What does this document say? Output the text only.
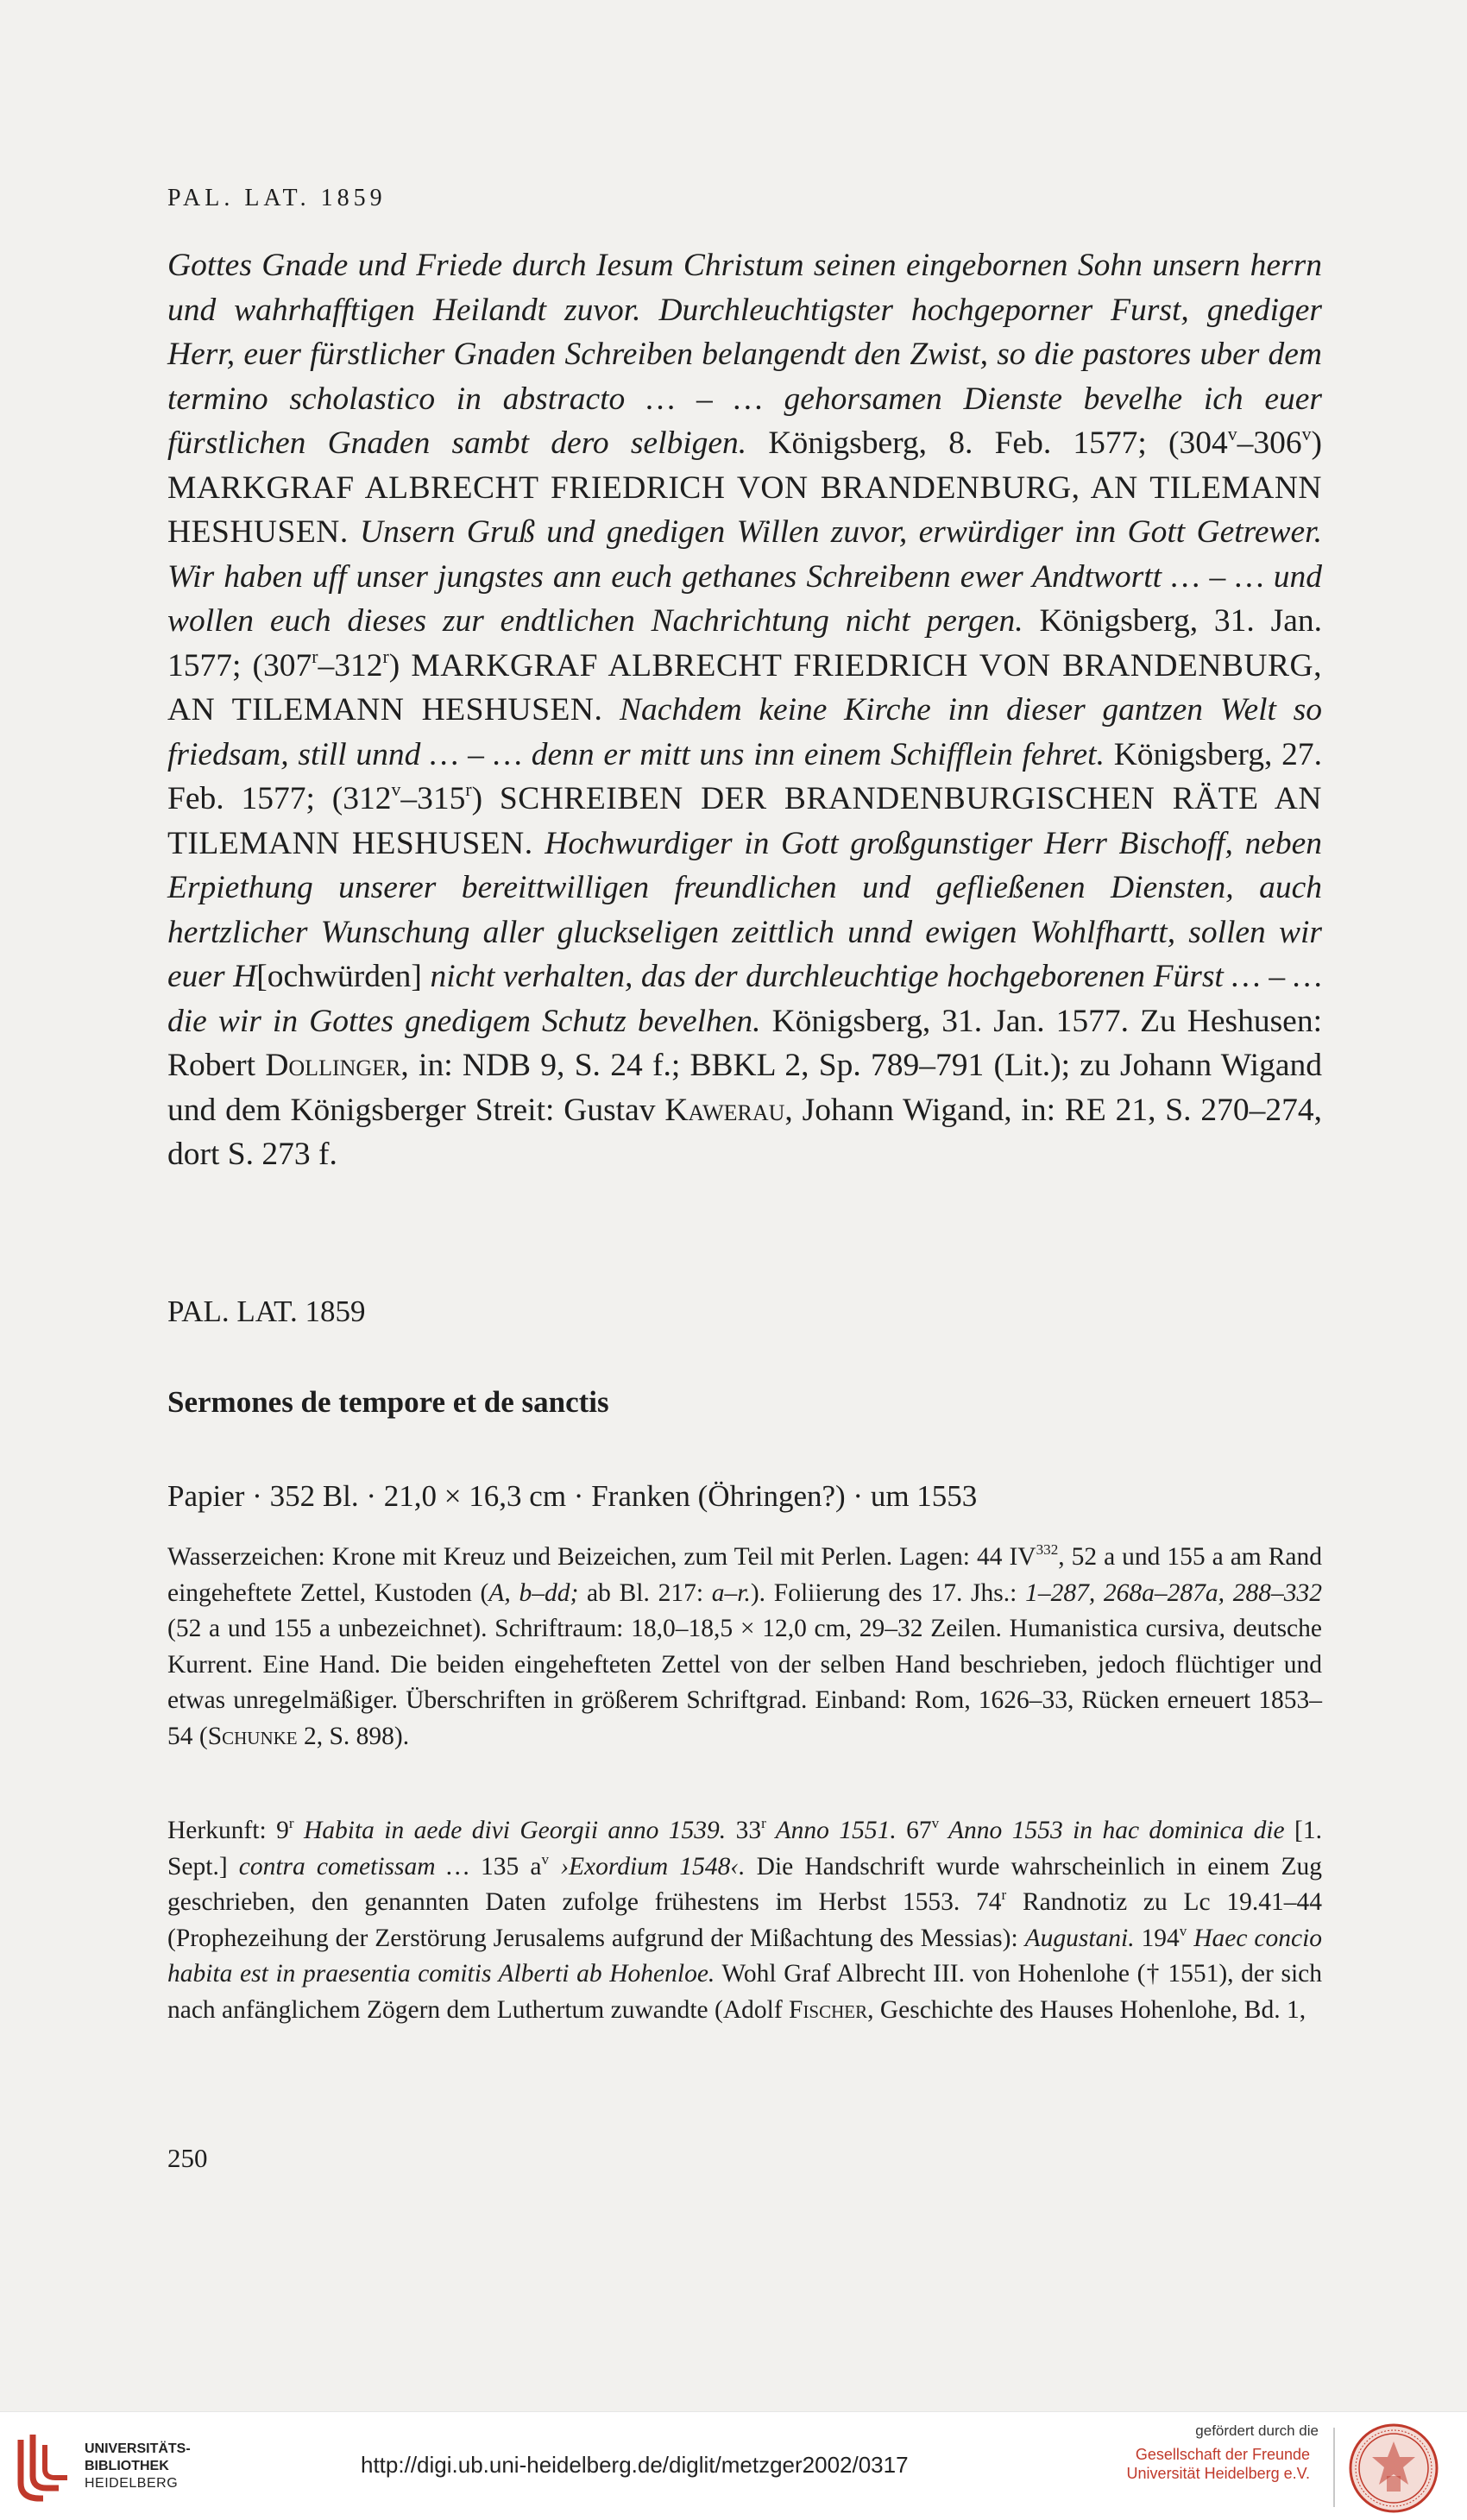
PAL. LAT. 1859
Gottes Gnade und Friede durch Iesum Christum seinen eingebornen Sohn unsern herrn und wahrhafftigen Heilandt zuvor. Durchleuchtigster hochgeporner Furst, gnediger Herr, euer fürstlicher Gnaden Schreiben belangendt den Zwist, so die pastores uber dem termino scholastico in abstracto … – … gehorsamen Dienste bevelhe ich euer fürstlichen Gnaden sambt dero selbigen. Königsberg, 8. Feb. 1577; (304$^v$–306$^v$) MARKGRAF ALBRECHT FRIEDRICH VON BRANDENBURG, AN TILEMANN HESHUSEN. Unsern Gruß und gnedigen Willen zuvor, erwürdiger inn Gott Getrewer. Wir haben uff unser jungstes ann euch gethanes Schreibenn ewer Andtwortt … – … und wollen euch dieses zur endtlichen Nachrichtung nicht pergen. Königsberg, 31. Jan. 1577; (307$^r$–312$^r$) MARKGRAF ALBRECHT FRIEDRICH VON BRANDENBURG, AN TILEMANN HESHUSEN. Nachdem keine Kirche inn dieser gantzen Welt so friedsam, still unnd … – … denn er mitt uns inn einem Schifflein fehret. Königsberg, 27. Feb. 1577; (312$^v$–315$^r$) SCHREIBEN DER BRANDENBURGISCHEN RÄTE AN TILEMANN HESHUSEN. Hochwurdiger in Gott großgunstiger Herr Bischoff, neben Erpiethung unserer bereittwilligen freundlichen und gefließenen Diensten, auch hertzlicher Wunschung aller gluckseligen zeittlich unnd ewigen Wohlfhartt, sollen wir euer H[ochwürden] nicht verhalten, das der durchleuchtige hochgeborenen Fürst … – … die wir in Gottes gnedigem Schutz bevelhen. Königsberg, 31. Jan. 1577. Zu Heshusen: Robert Dollinger, in: NDB 9, S. 24 f.; BBKL 2, Sp. 789–791 (Lit.); zu Johann Wigand und dem Königsberger Streit: Gustav Kawerau, Johann Wigand, in: RE 21, S. 270–274, dort S. 273 f.
PAL. LAT. 1859
Sermones de tempore et de sanctis
Papier · 352 Bl. · 21,0 × 16,3 cm · Franken (Öhringen?) · um 1553
Wasserzeichen: Krone mit Kreuz und Beizeichen, zum Teil mit Perlen. Lagen: 44 IV$^{332}$, 52 a und 155 a am Rand eingeheftete Zettel, Kustoden (A, b–dd; ab Bl. 217: a–r.). Foliierung des 17. Jhs.: 1–287, 268a–287a, 288–332 (52 a und 155 a unbezeichnet). Schriftraum: 18,0–18,5 × 12,0 cm, 29–32 Zeilen. Humanistica cursiva, deutsche Kurrent. Eine Hand. Die beiden eingehefteten Zettel von der selben Hand beschrieben, jedoch flüchtiger und etwas unregelmäßiger. Überschriften in größerem Schriftgrad. Einband: Rom, 1626–33, Rücken erneuert 1853–54 (Schunke 2, S. 898).
Herkunft: 9$^r$ Habita in aede divi Georgii anno 1539. 33$^r$ Anno 1551. 67$^v$ Anno 1553 in hac dominica die [1. Sept.] contra cometissam … 135 $a^v$ ›Exordium 1548‹. Die Handschrift wurde wahrscheinlich in einem Zug geschrieben, den genannten Daten zufolge frühestens im Herbst 1553. 74$^r$ Randnotiz zu Lc 19.41–44 (Prophezeihung der Zerstörung Jerusalems aufgrund der Mißachtung des Messias): Augustani. 194$^v$ Haec concio habita est in praesentia comitis Alberti ab Hohenloe. Wohl Graf Albrecht III. von Hohenlohe († 1551), der sich nach anfänglichem Zögern dem Luthertum zuwandte (Adolf Fischer, Geschichte des Hauses Hohenlohe, Bd. 1,
250
UNIVERSITÄTS-
BIBLIOTHEK
HEIDELBERG
http://digi.ub.uni-heidelberg.de/diglit/metzger2002/0317
gefördert durch die
Gesellschaft der Freunde
Universität Heidelberg e.V.
